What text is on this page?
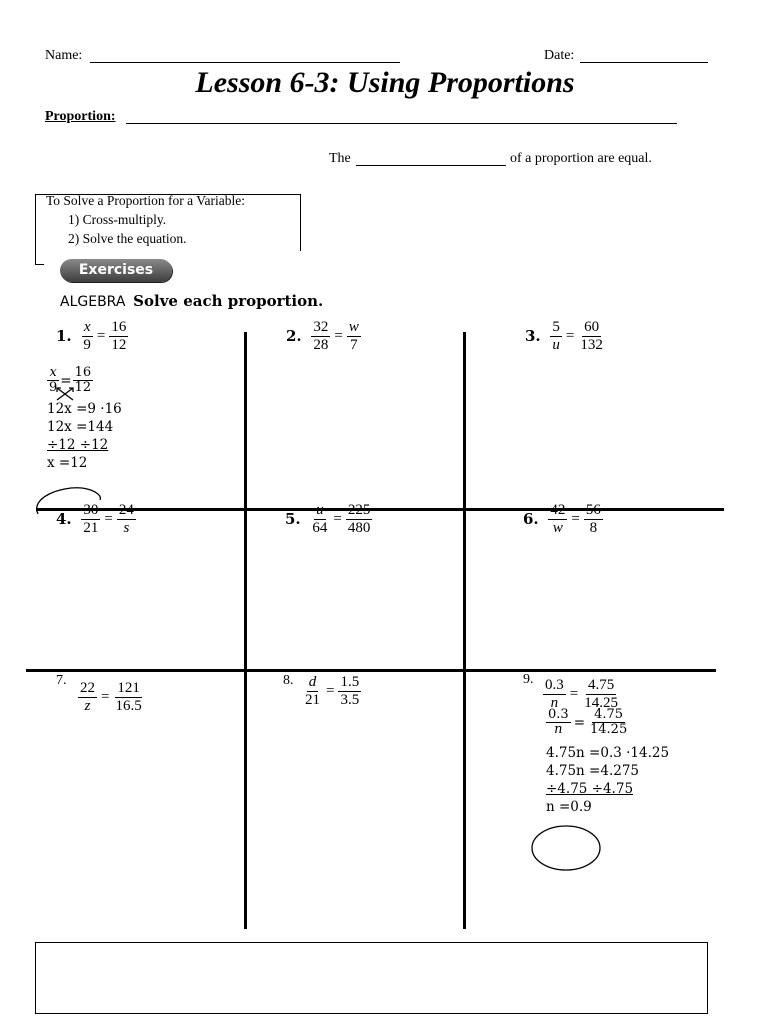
Name:	Date:
Lesson 6-3: Using Proportions
Proportion:
The	of a proportion are equal.
To Solve a Proportion for a Variable:
1) Cross-multiply.
2) Solve the equation.
Exercises
ALGEBRA Solve each proportion.
1. $\frac{x}{9} = \frac{16}{12}$	2. $\frac{32}{28} = \frac{w}{7}$	3. $\frac{5}{u} = \frac{60}{132}$
4. $\frac{30}{21} = \frac{24}{s}$	5. $\frac{u}{64} = \frac{225}{480}$	6. $\frac{42}{w} = \frac{56}{8}$
7. $\frac{22}{z} = \frac{121}{16.5}$	8. $\frac{d}{21} = \frac{1.5}{3.5}$	9. $\frac{0.3}{n} = \frac{4.75}{14.25}$
$\frac{x}{9} = \frac{16}{12}$
12x =9 ·16
12x =144
÷12 ÷12
x =12
$\frac{0.3}{n} = \frac{4.75}{14.25}$
4.75n =0.3 ·14.25
4.75n =4.275
÷4.75 ÷4.75
n =0.9
